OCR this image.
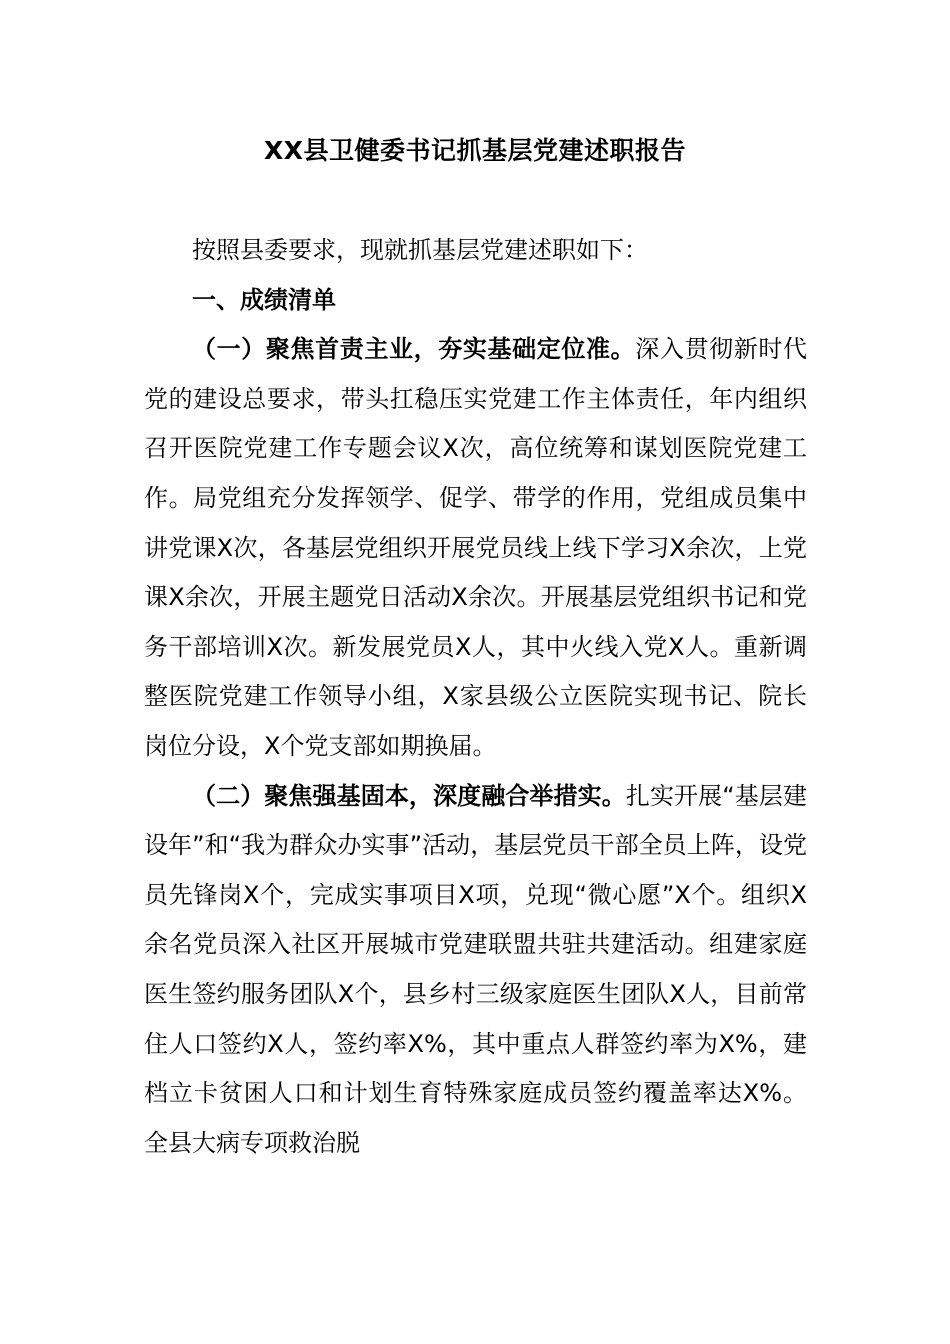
XX县卫健委书记抓基层党建述职报告

按照县委要求，现就抓基层党建述职如下：

一、成绩清单

（一）聚焦首责主业，夯实基础定位准。深入贯彻新时代党的建设总要求，带头扛稳压实党建工作主体责任，年内组织召开医院党建工作专题会议X次，高位统筹和谋划医院党建工作。局党组充分发挥领学、促学、带学的作用，党组成员集中讲党课X次，各基层党组织开展党员线上线下学习X余次，上党课X余次，开展主题党日活动X余次。开展基层党组织书记和党务干部培训X次。新发展党员X人，其中火线入党X人。重新调整医院党建工作领导小组，X家县级公立医院实现书记、院长岗位分设，X个党支部如期换届。

（二）聚焦强基固本，深度融合举措实。扎实开展“基层建设年”和“我为群众办实事”活动，基层党员干部全员上阵，设党员先锋岗X个，完成实事项目X项，兑现“微心愿”X个。组织X余名党员深入社区开展城市党建联盟共驻共建活动。组建家庭医生签约服务团队X个，县乡村三级家庭医生团队X人，目前常住人口签约X人，签约率X%，其中重点人群签约率为X%，建档立卡贫困人口和计划生育特殊家庭成员签约覆盖率达X%。全县大病专项救治脱
